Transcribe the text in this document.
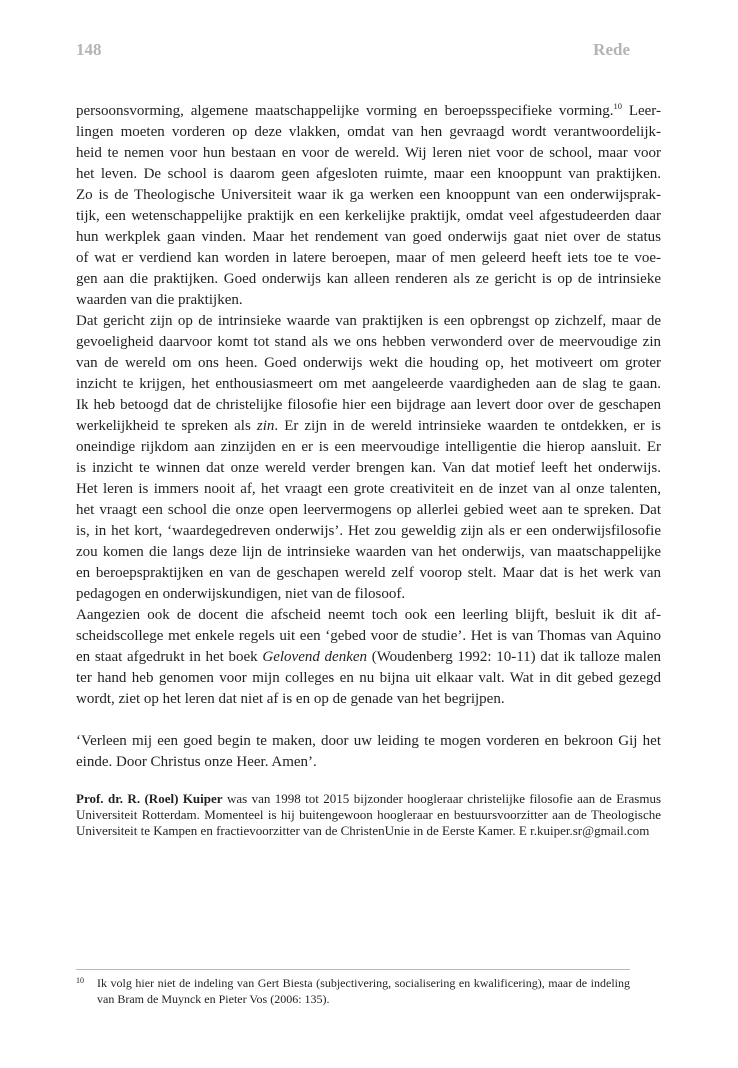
148	Rede
persoonsvorming, algemene maatschappelijke vorming en beroepsspecifieke vorming.$^{10}$ Leer-
lingen moeten vorderen op deze vlakken, omdat van hen gevraagd wordt verantwoordelijk-
heid te nemen voor hun bestaan en voor de wereld. Wij leren niet voor de school, maar voor
het leven. De school is daarom geen afgesloten ruimte, maar een knooppunt van praktijken.
Zo is de Theologische Universiteit waar ik ga werken een knooppunt van een onderwijsprak-
tijk, een wetenschappelijke praktijk en een kerkelijke praktijk, omdat veel afgestudeerden daar
hun werkplek gaan vinden. Maar het rendement van goed onderwijs gaat niet over de status
of wat er verdiend kan worden in latere beroepen, maar of men geleerd heeft iets toe te voe-
gen aan die praktijken. Goed onderwijs kan alleen renderen als ze gericht is op de intrinsieke
waarden van die praktijken.
Dat gericht zijn op de intrinsieke waarde van praktijken is een opbrengst op zichzelf, maar de
gevoeligheid daarvoor komt tot stand als we ons hebben verwonderd over de meervoudige zin
van de wereld om ons heen. Goed onderwijs wekt die houding op, het motiveert om groter
inzicht te krijgen, het enthousiasmeert om met aangeleerde vaardigheden aan de slag te gaan.
Ik heb betoogd dat de christelijke filosofie hier een bijdrage aan levert door over de geschapen
werkelijkheid te spreken als zin. Er zijn in de wereld intrinsieke waarden te ontdekken, er is
oneindige rijkdom aan zinzijden en er is een meervoudige intelligentie die hierop aansluit. Er
is inzicht te winnen dat onze wereld verder brengen kan. Van dat motief leeft het onderwijs.
Het leren is immers nooit af, het vraagt een grote creativiteit en de inzet van al onze talenten,
het vraagt een school die onze open leervermogens op allerlei gebied weet aan te spreken. Dat
is, in het kort, ‘waardegedreven onderwijs’. Het zou geweldig zijn als er een onderwijsfilosofie
zou komen die langs deze lijn de intrinsieke waarden van het onderwijs, van maatschappelijke
en beroepspraktijken en van de geschapen wereld zelf voorop stelt. Maar dat is het werk van
pedagogen en onderwijskundigen, niet van de filosoof.
Aangezien ook de docent die afscheid neemt toch ook een leerling blijft, besluit ik dit af-
scheidscollege met enkele regels uit een ‘gebed voor de studie’. Het is van Thomas van Aquino
en staat afgedrukt in het boek Gelovend denken (Woudenberg 1992: 10-11) dat ik talloze malen
ter hand heb genomen voor mijn colleges en nu bijna uit elkaar valt. Wat in dit gebed gezegd
wordt, ziet op het leren dat niet af is en op de genade van het begrijpen.
‘Verleen mij een goed begin te maken, door uw leiding te mogen vorderen en bekroon Gij het
einde. Door Christus onze Heer. Amen’.
Prof. dr. R. (Roel) Kuiper was van 1998 tot 2015 bijzonder hoogleraar christelijke filosofie aan de Erasmus
Universiteit Rotterdam. Momenteel is hij buitengewoon hoogleraar en bestuursvoorzitter aan de Theologische
Universiteit te Kampen en fractievoorzitter van de ChristenUnie in de Eerste Kamer. E r.kuiper.sr@gmail.com
10 Ik volg hier niet de indeling van Gert Biesta (subjectivering, socialisering en kwalificering), maar de indeling
van Bram de Muynck en Pieter Vos (2006: 135).
